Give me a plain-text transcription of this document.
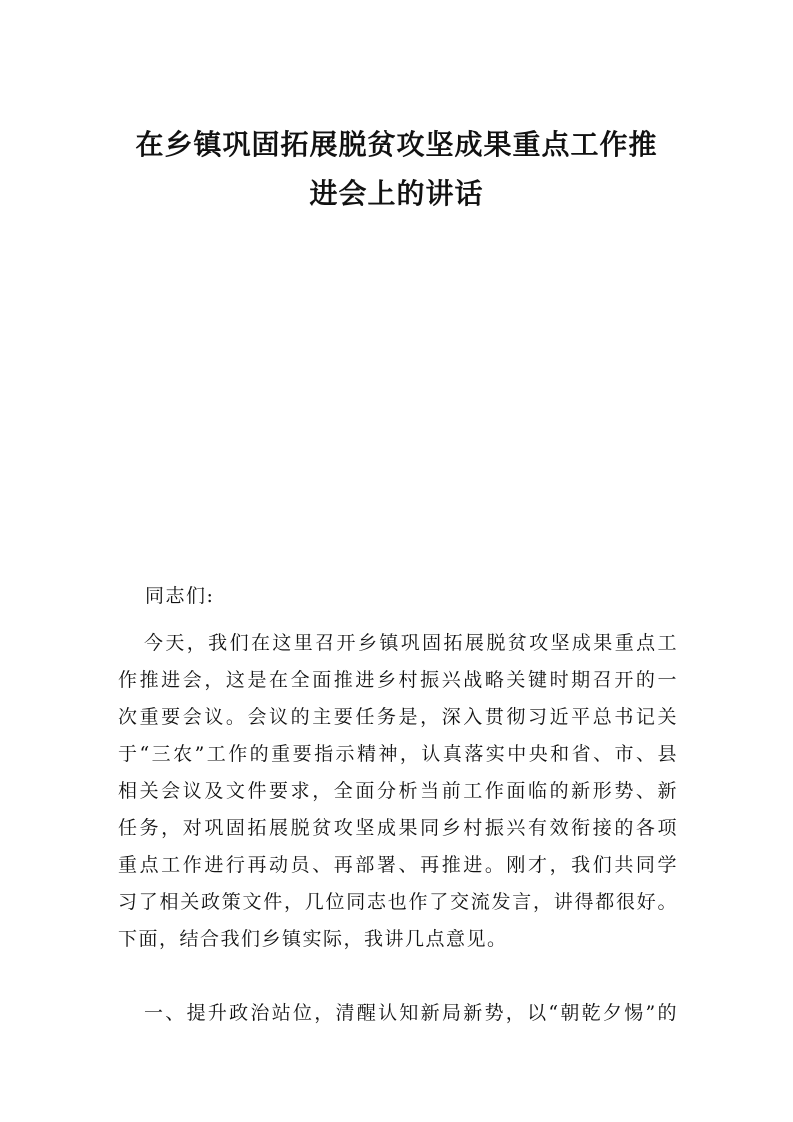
在乡镇巩固拓展脱贫攻坚成果重点工作推
进会上的讲话
同志们:
今天，我们在这里召开乡镇巩固拓展脱贫攻坚成果重点工
作推进会，这是在全面推进乡村振兴战略关键时期召开的一
次重要会议。会议的主要任务是，深入贯彻习近平总书记关
于“三农”工作的重要指示精神，认真落实中央和省、市、县
相关会议及文件要求，全面分析当前工作面临的新形势、新
任务，对巩固拓展脱贫攻坚成果同乡村振兴有效衔接的各项
重点工作进行再动员、再部署、再推进。刚才，我们共同学
习了相关政策文件，几位同志也作了交流发言，讲得都很好。
下面，结合我们乡镇实际，我讲几点意见。
一、提升政治站位，清醒认知新局新势，以“朝乾夕惕”的
